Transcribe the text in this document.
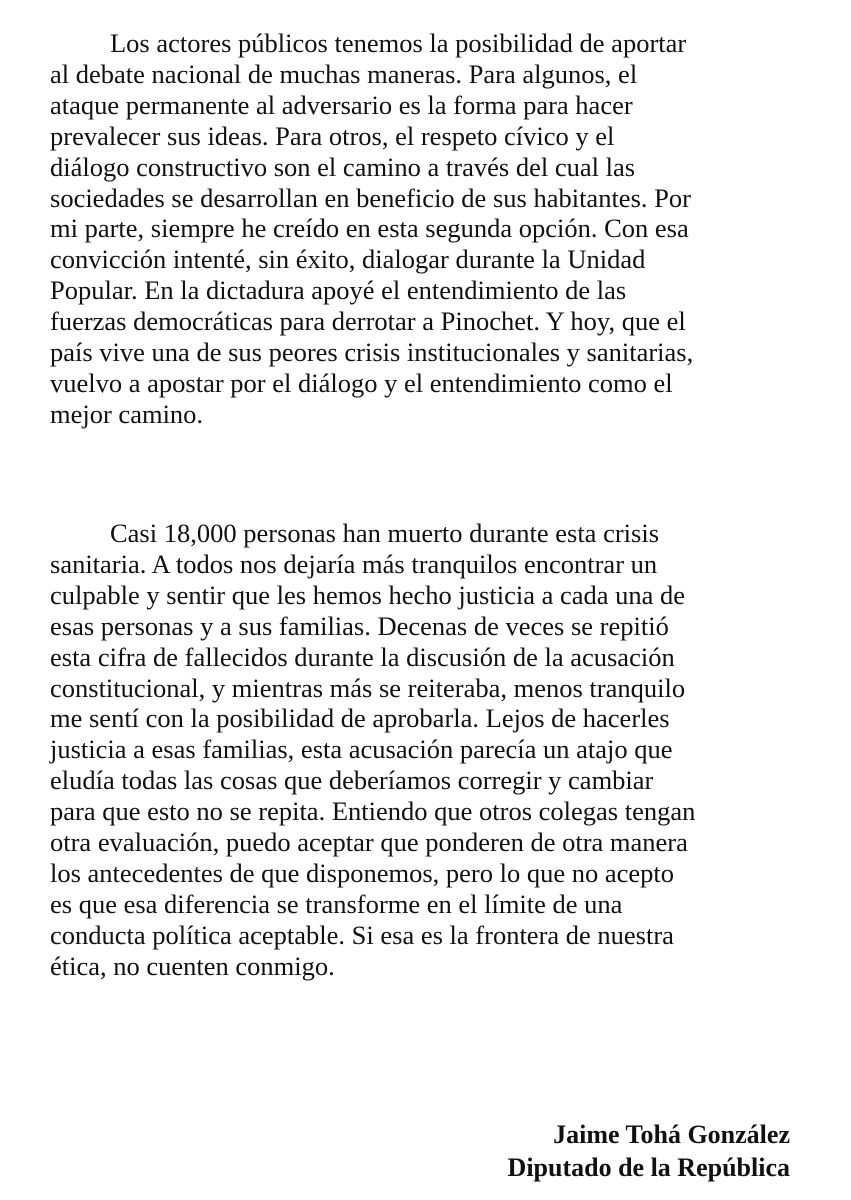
Los actores públicos tenemos la posibilidad de aportar
al debate nacional de muchas maneras. Para algunos, el
ataque permanente al adversario es la forma para hacer
prevalecer sus ideas. Para otros, el respeto cívico y el
diálogo constructivo son el camino a través del cual las
sociedades se desarrollan en beneficio de sus habitantes. Por
mi parte, siempre he creído en esta segunda opción. Con esa
convicción intenté, sin éxito, dialogar durante la Unidad
Popular. En la dictadura apoyé el entendimiento de las
fuerzas democráticas para derrotar a Pinochet. Y hoy, que el
país vive una de sus peores crisis institucionales y sanitarias,
vuelvo a apostar por el diálogo y el entendimiento como el
mejor camino.

Casi 18,000 personas han muerto durante esta crisis
sanitaria. A todos nos dejaría más tranquilos encontrar un
culpable y sentir que les hemos hecho justicia a cada una de
esas personas y a sus familias. Decenas de veces se repitió
esta cifra de fallecidos durante la discusión de la acusación
constitucional, y mientras más se reiteraba, menos tranquilo
me sentí con la posibilidad de aprobarla. Lejos de hacerles
justicia a esas familias, esta acusación parecía un atajo que
eludía todas las cosas que deberíamos corregir y cambiar
para que esto no se repita. Entiendo que otros colegas tengan
otra evaluación, puedo aceptar que ponderen de otra manera
los antecedentes de que disponemos, pero lo que no acepto
es que esa diferencia se transforme en el límite de una
conducta política aceptable. Si esa es la frontera de nuestra
ética, no cuenten conmigo.

Jaime Tohá González
Diputado de la República
